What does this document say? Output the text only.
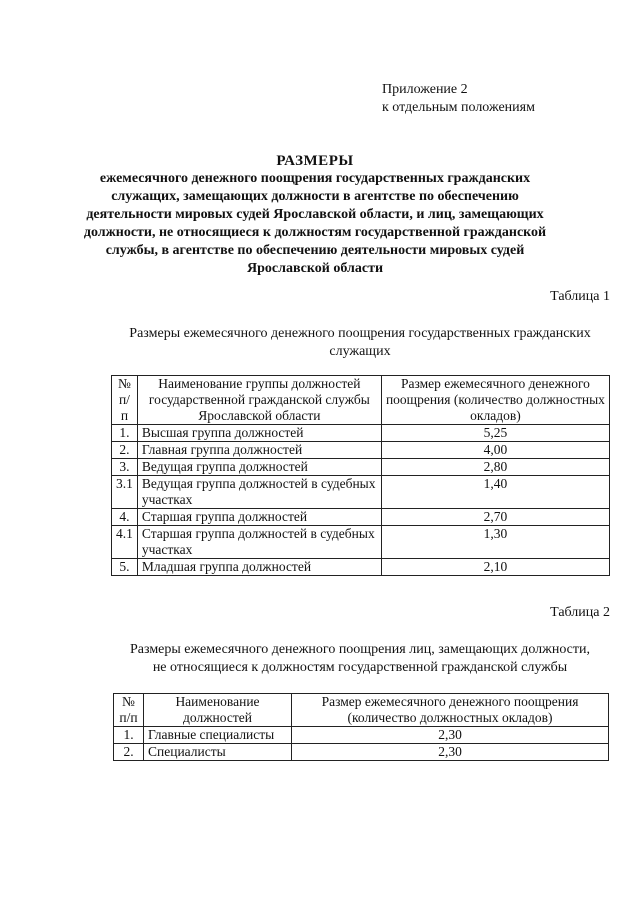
Приложение 2
к отдельным положениям
РАЗМЕРЫ
ежемесячного денежного поощрения государственных гражданских
служащих, замещающих должности в агентстве по обеспечению
деятельности мировых судей Ярославской области, и лиц, замещающих
должности, не относящиеся к должностям государственной гражданской
службы, в агентстве по обеспечению деятельности мировых судей
Ярославской области
Таблица 1
Размеры ежемесячного денежного поощрения государственных гражданских
служащих
№ п/п	Наименование группы должностей государственной гражданской службы Ярославской области	Размер ежемесячного денежного поощрения (количество должностных окладов)
1.	Высшая группа должностей	5,25
2.	Главная группа должностей	4,00
3.	Ведущая группа должностей	2,80
3.1	Ведущая группа должностей в судебных участках	1,40
4.	Старшая группа должностей	2,70
4.1	Старшая группа должностей в судебных участках	1,30
5.	Младшая группа должностей	2,10
Таблица 2
Размеры ежемесячного денежного поощрения лиц, замещающих должности,
не относящиеся к должностям государственной гражданской службы
№ п/п	Наименование должностей	Размер ежемесячного денежного поощрения (количество должностных окладов)
1.	Главные специалисты	2,30
2.	Специалисты	2,30
